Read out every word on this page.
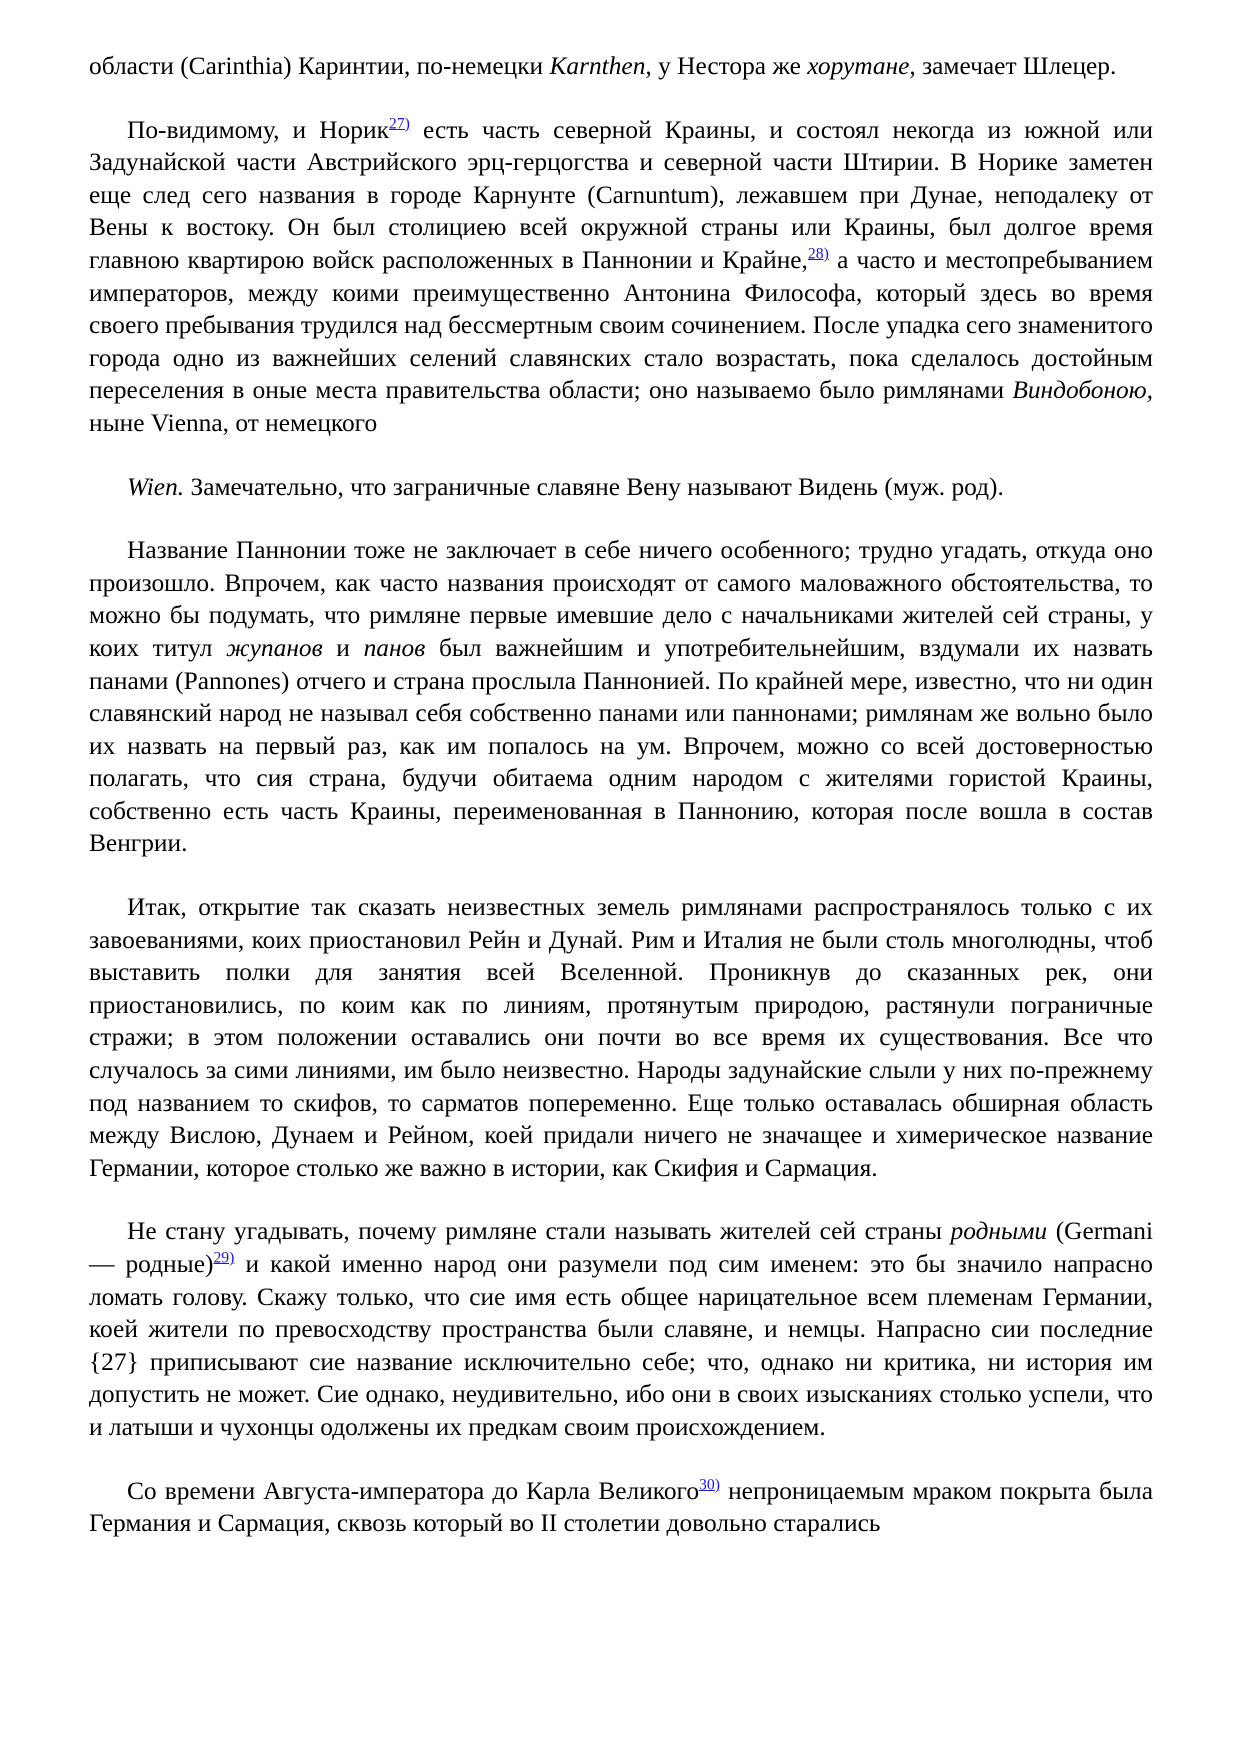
области (Carinthia) Каринтии, по-немецки Karnthen, у Нестора же хорутане, замечает Шлецер.

По-видимому, и Норик$^{27)}$ есть часть северной Краины, и состоял некогда из южной или Задунайской части Австрийского эрц-герцогства и северной части Штирии. В Норике заметен еще след сего названия в городе Карнунте (Carnuntum), лежавшем при Дунае, неподалеку от Вены к востоку. Он был столициею всей окружной страны или Краины, был долгое время главною квартирою войск расположенных в Паннонии и Крайне,$^{28)}$ а часто и местопребыванием императоров, между коими преимущественно Антонина Философа, который здесь во время своего пребывания трудился над бессмертным своим сочинением. После упадка сего знаменитого города одно из важнейших селений славянских стало возрастать, пока сделалось достойным переселения в оные места правительства области; оно называемо было римлянами Виндобоною, ныне Vienna, от немецкого

Wien. Замечательно, что заграничные славяне Вену называют Видень (муж. род).

Название Паннонии тоже не заключает в себе ничего особенного; трудно угадать, откуда оно произошло. Впрочем, как часто названия происходят от самого маловажного обстоятельства, то можно бы подумать, что римляне первые имевшие дело с начальниками жителей сей страны, у коих титул жупанов и панов был важнейшим и употребительнейшим, вздумали их назвать панами (Pannones) отчего и страна прослыла Паннонией. По крайней мере, известно, что ни один славянский народ не называл себя собственно панами или паннонами; римлянам же вольно было их назвать на первый раз, как им попалось на ум. Впрочем, можно со всей достоверностью полагать, что сия страна, будучи обитаема одним народом с жителями гористой Краины, собственно есть часть Краины, переименованная в Паннонию, которая после вошла в состав Венгрии.

Итак, открытие так сказать неизвестных земель римлянами распространялось только с их завоеваниями, коих приостановил Рейн и Дунай. Рим и Италия не были столь многолюдны, чтоб выставить полки для занятия всей Вселенной. Проникнув до сказанных рек, они приостановились, по коим как по линиям, протянутым природою, растянули пограничные стражи; в этом положении оставались они почти во все время их существования. Все что случалось за сими линиями, им было неизвестно. Народы задунайские слыли у них по-прежнему под названием то скифов, то сарматов попеременно. Еще только оставалась обширная область между Вислою, Дунаем и Рейном, коей придали ничего не значащее и химерическое название Германии, которое столько же важно в истории, как Скифия и Сармация.

Не стану угадывать, почему римляне стали называть жителей сей страны родными (Germani — родные)$^{29)}$ и какой именно народ они разумели под сим именем: это бы значило напрасно ломать голову. Скажу только, что сие имя есть общее нарицательное всем племенам Германии, коей жители по превосходству пространства были славяне, и немцы. Напрасно сии последние {27} приписывают сие название исключительно себе; что, однако ни критика, ни история им допустить не может. Сие однако, неудивительно, ибо они в своих изысканиях столько успели, что и латыши и чухонцы одолжены их предкам своим происхождением.

Со времени Августа-императора до Карла Великого$^{30)}$ непроницаемым мраком покрыта была Германия и Сармация, сквозь который во II столетии довольно старались
